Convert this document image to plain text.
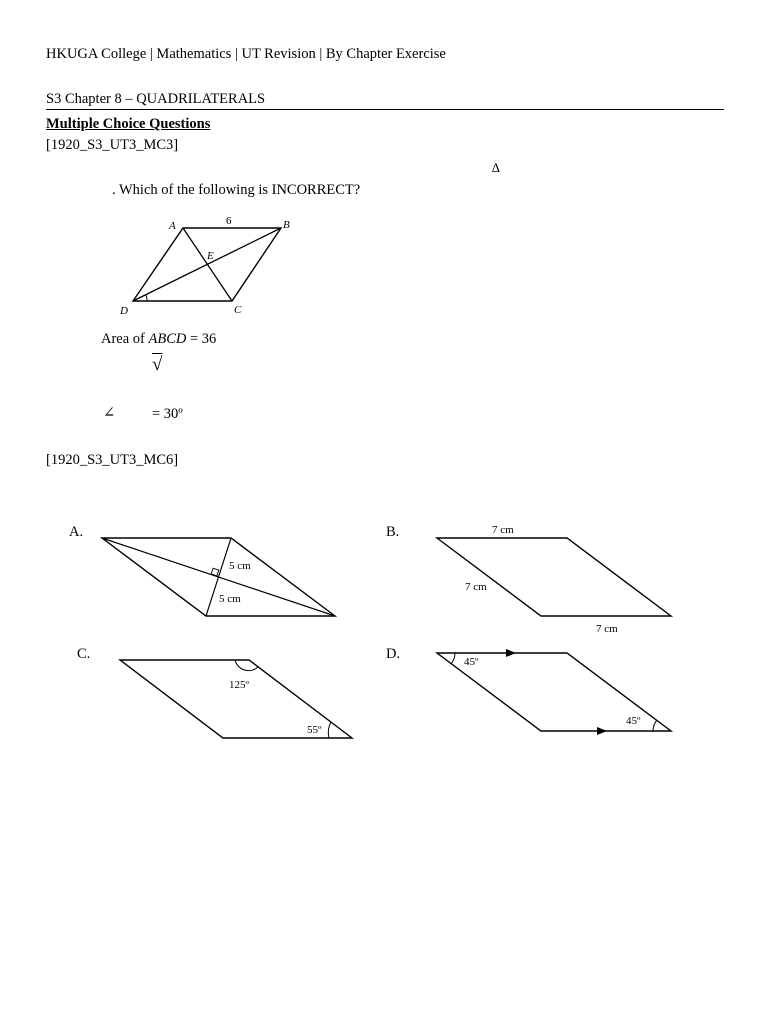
HKUGA College | Mathematics | UT Revision | By Chapter Exercise
S3 Chapter 8 – QUADRILATERALS
Multiple Choice Questions
[1920_S3_UT3_MC3]
∆
. Which of the following is INCORRECT?
A	B
C
D
E
6
Area of ABCD = 36
√
∠	= 30º
[1920_S3_UT3_MC6]
A.	B.
C.	D.
5 cm
5 cm
7 cm
7 cm
7 cm
125º
55º
45º
45º
